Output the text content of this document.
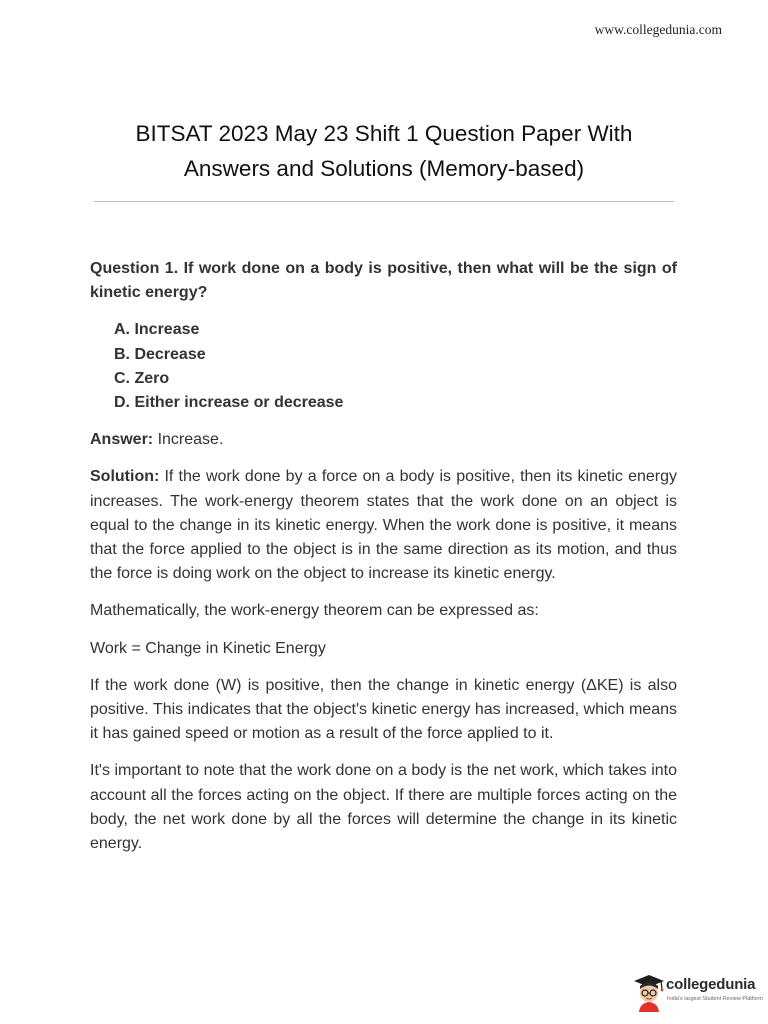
www.collegedunia.com
BITSAT 2023 May 23 Shift 1 Question Paper With
Answers and Solutions (Memory-based)

Question 1. If work done on a body is positive, then what will be the sign of kinetic energy?

A. Increase
B. Decrease
C. Zero
D. Either increase or decrease

Answer: Increase.

Solution: If the work done by a force on a body is positive, then its kinetic energy increases. The work-energy theorem states that the work done on an object is equal to the change in its kinetic energy. When the work done is positive, it means that the force applied to the object is in the same direction as its motion, and thus the force is doing work on the object to increase its kinetic energy.

Mathematically, the work-energy theorem can be expressed as:

Work = Change in Kinetic Energy

If the work done (W) is positive, then the change in kinetic energy (ΔKE) is also positive. This indicates that the object's kinetic energy has increased, which means it has gained speed or motion as a result of the force applied to it.

It's important to note that the work done on a body is the net work, which takes into account all the forces acting on the object. If there are multiple forces acting on the body, the net work done by all the forces will determine the change in its kinetic energy.

collegedunia
India's largest Student Review Platform
